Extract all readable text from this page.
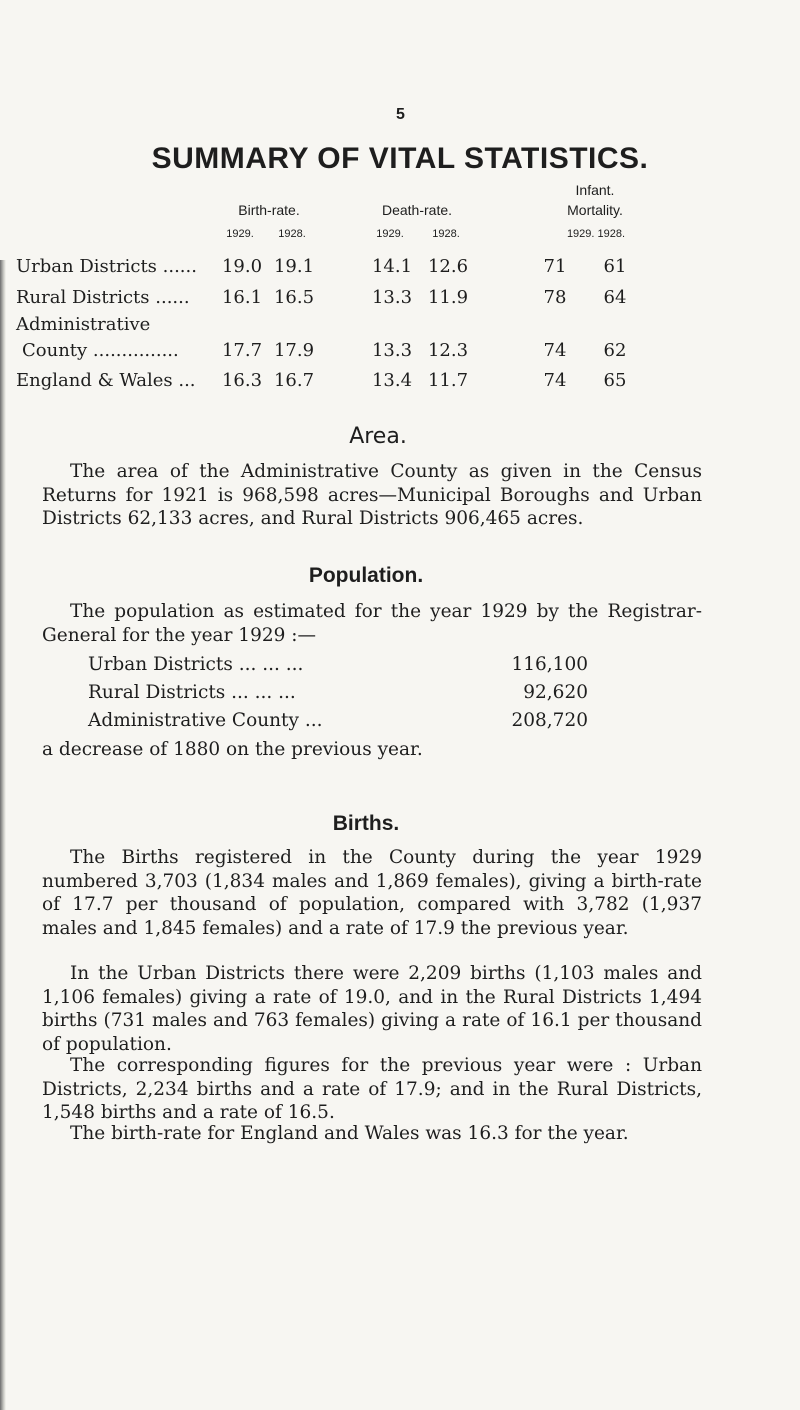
5
SUMMARY OF VITAL STATISTICS.
Birth-rate.	Death-rate.
Infant.
Mortality.
1929.	1928.	1929.	1928.	1929. 1928.
Urban Districts ......	19.0 19.1	14.1 12.6	71	61
Rural Districts ......	16.1 16.5	13.3 11.9	78	64
Administrative
County ...............	17.7 17.9	13.3 12.3	74	62
England & Wales ...	16.3 16.7	13.4 11.7	74	65
Area.
The area of the Administrative County as given in the Census Returns for 1921 is 968,598 acres—Municipal Boroughs and Urban Districts 62,133 acres, and Rural Districts 906,465 acres.
Population.
The population as estimated for the year 1929 by the Registrar-General for the year 1929 :—
Urban Districts ... ... ...	116,100
Rural Districts ... ... ...	92,620
Administrative County ...	208,720
a decrease of 1880 on the previous year.
Births.
The Births registered in the County during the year 1929 numbered 3,703 (1,834 males and 1,869 females), giving a birth-rate of 17.7 per thousand of population, compared with 3,782 (1,937 males and 1,845 females) and a rate of 17.9 the previous year.
In the Urban Districts there were 2,209 births (1,103 males and 1,106 females) giving a rate of 19.0, and in the Rural Districts 1,494 births (731 males and 763 females) giving a rate of 16.1 per thousand of population.
The corresponding figures for the previous year were : Urban Districts, 2,234 births and a rate of 17.9; and in the Rural Districts, 1,548 births and a rate of 16.5.
The birth-rate for England and Wales was 16.3 for the year.
